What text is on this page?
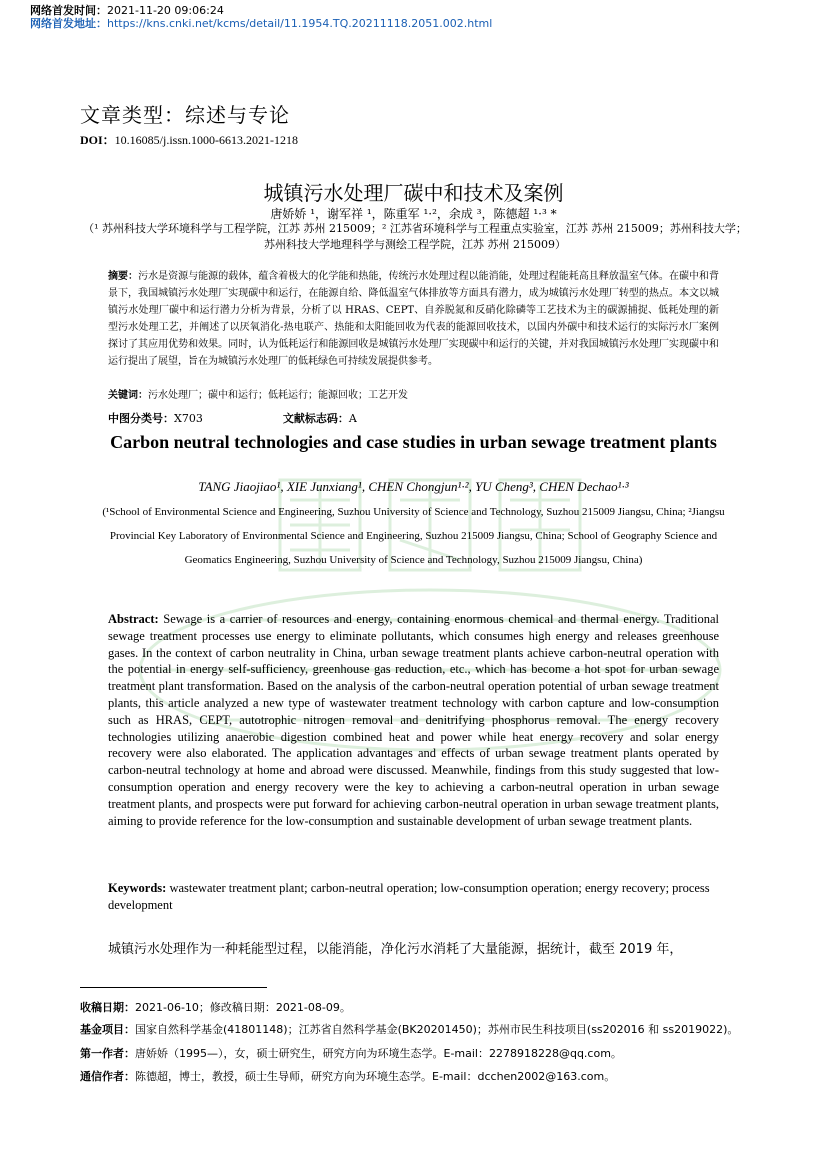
网络首发时间：2021-11-20 09:06:24
网络首发地址：https://kns.cnki.net/kcms/detail/11.1954.TQ.20211118.2051.002.html
文章类型：综述与专论
DOI：10.16085/j.issn.1000-6613.2021-1218
城镇污水处理厂碳中和技术及案例
唐娇娇 ¹，谢军祥 ¹，陈重军 ¹·²，余成 ³，陈德超 ¹·³ *
（¹ 苏州科技大学环境科学与工程学院，江苏 苏州 215009；² 江苏省环境科学与工程重点实验室，江苏 苏州 215009；苏州科技大学；苏州科技大学地理科学与测绘工程学院，江苏 苏州 215009）
摘要：污水是资源与能源的载体，蕴含着极大的化学能和热能，传统污水处理过程以能消能，处理过程能耗高且释放温室气体。在碳中和背景下，我国城镇污水处理厂实现碳中和运行，在能源自给、降低温室气体排放等方面具有潜力，成为城镇污水处理厂转型的热点。本文以城镇污水处理厂碳中和运行潜力分析为背景，分析了以 HRAS、CEPT、自养脱氮和反硝化除磷等工艺技术为主的碳源捕捉、低耗处理的新型污水处理工艺，并阐述了以厌氧消化-热电联产、热能和太阳能回收为代表的能源回收技术，以国内外碳中和技术运行的实际污水厂案例探讨了其应用优势和效果。同时，认为低耗运行和能源回收是城镇污水处理厂实现碳中和运行的关键，并对我国城镇污水处理厂实现碳中和运行提出了展望，旨在为城镇污水处理厂的低耗绿色可持续发展提供参考。
关键词：污水处理厂；碳中和运行；低耗运行；能源回收；工艺开发
中图分类号：X703	文献标志码：A
Carbon neutral technologies and case studies in urban sewage treatment plants
TANG Jiaojiao¹, XIE Junxiang¹, CHEN Chongjun¹·², YU Cheng³, CHEN Dechao¹·³
(¹School of Environmental Science and Engineering, Suzhou University of Science and Technology, Suzhou 215009 Jiangsu, China; ²Jiangsu Provincial Key Laboratory of Environmental Science and Engineering, Suzhou 215009 Jiangsu, China; School of Geography Science and Geomatics Engineering, Suzhou University of Science and Technology, Suzhou 215009 Jiangsu, China)
Abstract: Sewage is a carrier of resources and energy, containing enormous chemical and thermal energy. Traditional sewage treatment processes use energy to eliminate pollutants, which consumes high energy and releases greenhouse gases. In the context of carbon neutrality in China, urban sewage treatment plants achieve carbon-neutral operation with the potential in energy self-sufficiency, greenhouse gas reduction, etc., which has become a hot spot for urban sewage treatment plant transformation. Based on the analysis of the carbon-neutral operation potential of urban sewage treatment plants, this article analyzed a new type of wastewater treatment technology with carbon capture and low-consumption such as HRAS, CEPT, autotrophic nitrogen removal and denitrifying phosphorus removal. The energy recovery technologies utilizing anaerobic digestion combined heat and power while heat energy recovery and solar energy recovery were also elaborated. The application advantages and effects of urban sewage treatment plants operated by carbon-neutral technology at home and abroad were discussed. Meanwhile, findings from this study suggested that low-consumption operation and energy recovery were the key to achieving a carbon-neutral operation in urban sewage treatment plants, and prospects were put forward for achieving carbon-neutral operation in urban sewage treatment plants, aiming to provide reference for the low-consumption and sustainable development of urban sewage treatment plants.
Keywords: wastewater treatment plant; carbon-neutral operation; low-consumption operation; energy recovery; process development
城镇污水处理作为一种耗能型过程，以能消能，净化污水消耗了大量能源，据统计，截至 2019 年，
收稿日期：2021-06-10；修改稿日期：2021-08-09。
基金项目：国家自然科学基金(41801148)；江苏省自然科学基金(BK20201450)；苏州市民生科技项目(ss202016 和 ss2019022)。
第一作者：唐娇娇（1995—），女，硕士研究生，研究方向为环境生态学。E-mail：2278918228@qq.com。
通信作者：陈德超，博士，教授，硕士生导师，研究方向为环境生态学。E-mail：dcchen2002@163.com。
